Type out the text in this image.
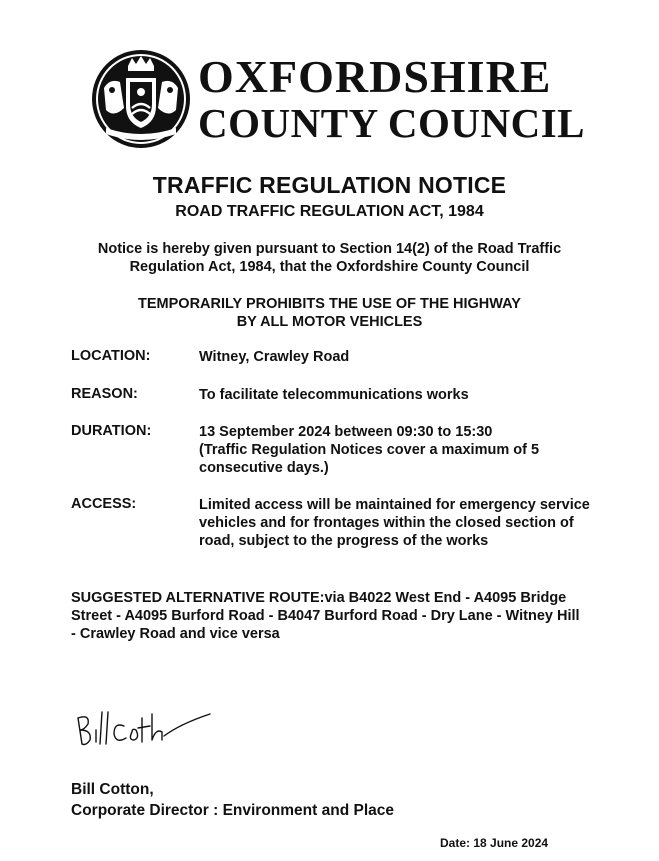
OXFORDSHIRE
COUNTY COUNCIL
TRAFFIC REGULATION NOTICE
ROAD TRAFFIC REGULATION ACT, 1984
Notice is hereby given pursuant to Section 14(2) of the Road Traffic
Regulation Act, 1984, that the Oxfordshire County Council
TEMPORARILY PROHIBITS THE USE OF THE HIGHWAY
BY ALL MOTOR VEHICLES
LOCATION:	Witney, Crawley Road
REASON:	To facilitate telecommunications works
DURATION:	13 September 2024 between 09:30 to 15:30
(Traffic Regulation Notices cover a maximum of 5
consecutive days.)
ACCESS:	Limited access will be maintained for emergency service
vehicles and for frontages within the closed section of
road, subject to the progress of the works
SUGGESTED ALTERNATIVE ROUTE:via B4022 West End - A4095 Bridge
Street - A4095 Burford Road - B4047 Burford Road - Dry Lane - Witney Hill
- Crawley Road and vice versa
Bill Cotton,
Corporate Director : Environment and Place
Date: 18 June 2024
